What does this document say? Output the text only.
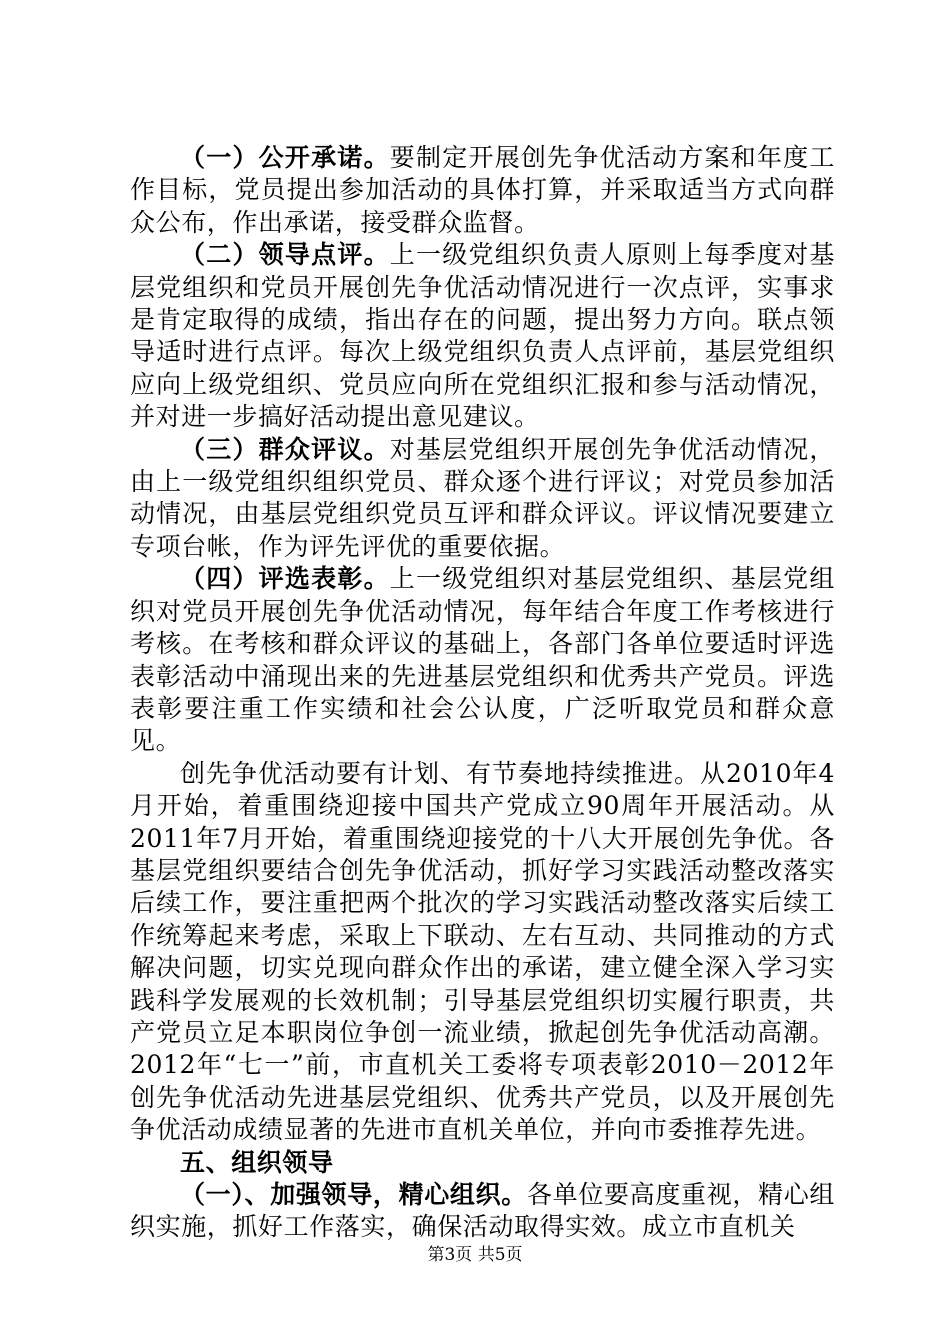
（一）公开承诺。要制定开展创先争优活动方案和年度工作目标，党员提出参加活动的具体打算，并采取适当方式向群众公布，作出承诺，接受群众监督。

（二）领导点评。上一级党组织负责人原则上每季度对基层党组织和党员开展创先争优活动情况进行一次点评，实事求是肯定取得的成绩，指出存在的问题，提出努力方向。联点领导适时进行点评。每次上级党组织负责人点评前，基层党组织应向上级党组织、党员应向所在党组织汇报和参与活动情况，并对进一步搞好活动提出意见建议。

（三）群众评议。对基层党组织开展创先争优活动情况，由上一级党组织组织党员、群众逐个进行评议；对党员参加活动情况，由基层党组织党员互评和群众评议。评议情况要建立专项台帐，作为评先评优的重要依据。

（四）评选表彰。上一级党组织对基层党组织、基层党组织对党员开展创先争优活动情况，每年结合年度工作考核进行考核。在考核和群众评议的基础上，各部门各单位要适时评选表彰活动中涌现出来的先进基层党组织和优秀共产党员。评选表彰要注重工作实绩和社会公认度，广泛听取党员和群众意见。

创先争优活动要有计划、有节奏地持续推进。从2010年4月开始，着重围绕迎接中国共产党成立90周年开展活动。从2011年7月开始，着重围绕迎接党的十八大开展创先争优。各基层党组织要结合创先争优活动，抓好学习实践活动整改落实后续工作，要注重把两个批次的学习实践活动整改落实后续工作统筹起来考虑，采取上下联动、左右互动、共同推动的方式解决问题，切实兑现向群众作出的承诺，建立健全深入学习实践科学发展观的长效机制；引导基层党组织切实履行职责，共产党员立足本职岗位争创一流业绩，掀起创先争优活动高潮。2012年“七一”前，市直机关工委将专项表彰2010－2012年创先争优活动先进基层党组织、优秀共产党员，以及开展创先争优活动成绩显著的先进市直机关单位，并向市委推荐先进。

五、组织领导

（一）、加强领导，精心组织。各单位要高度重视，精心组织实施，抓好工作落实，确保活动取得实效。成立市直机关

第3页 共5页
